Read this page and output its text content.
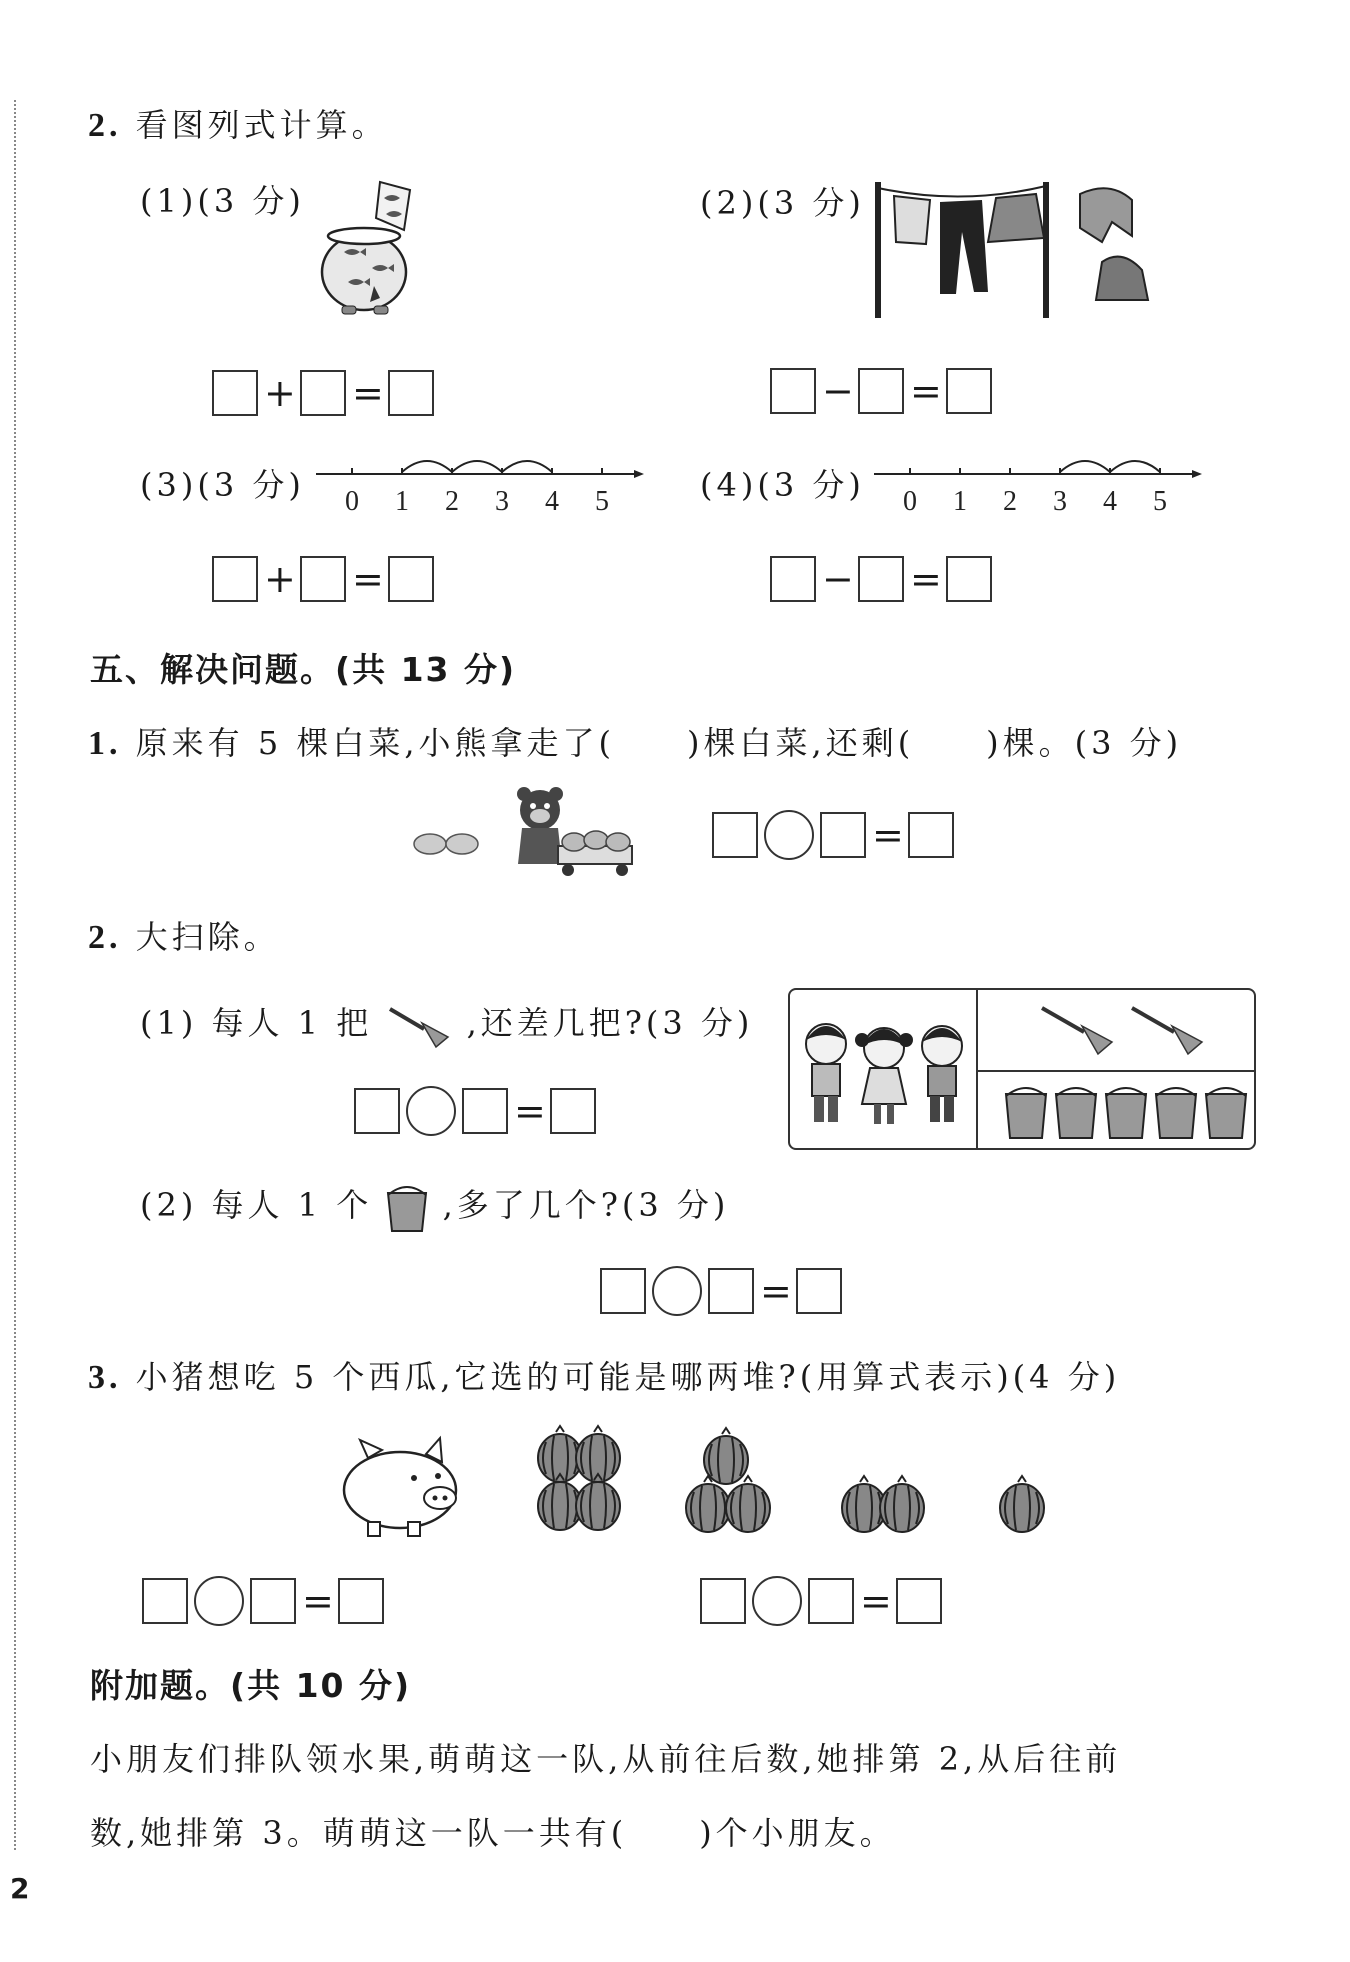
2. 看图列式计算。
(1)(3 分)
+ =
(2)(3 分)
− =
(3)(3 分) 0 1 2 3 4 5
+ =
(4)(3 分) 0 1 2 3 4 5
− =
五、解决问题。(共 13 分)
1. 原来有 5 棵白菜,小熊拿走了(　　)棵白菜,还剩(　　)棵。(3 分)
=
2. 大扫除。
(1) 每人 1 把	,还差几把?(3 分)
=
(2) 每人 1 个 ,多了几个?(3 分)
=
3. 小猪想吃 5 个西瓜,它选的可能是哪两堆?(用算式表示)(4 分)
=	=
附加题。(共 10 分)
小朋友们排队领水果,萌萌这一队,从前往后数,她排第 2,从后往前
数,她排第 3。萌萌这一队一共有(　　)个小朋友。
2
